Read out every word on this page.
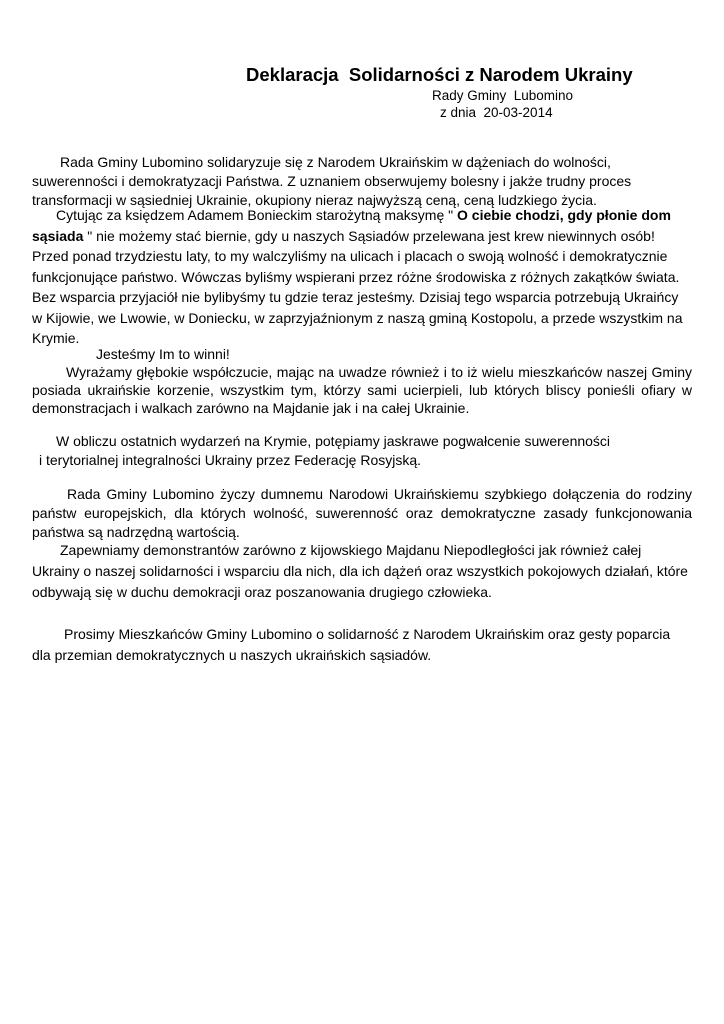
Deklaracja  Solidarności z Narodem Ukrainy
Rady Gminy  Lubomino
z dnia  20-03-2014

Rada Gminy Lubomino solidaryzuje się z Narodem Ukraińskim w dążeniach do wolności, suwerenności i demokratyzacji Państwa. Z uznaniem obserwujemy bolesny i jakże trudny proces transformacji w sąsiedniej Ukrainie, okupiony nieraz najwyższą ceną, ceną ludzkiego życia.

Cytując za księdzem Adamem Bonieckim starożytną maksymę " O ciebie chodzi, gdy płonie dom sąsiada " nie możemy stać biernie, gdy u naszych Sąsiadów przelewana jest krew niewinnych osób! Przed ponad trzydziestu laty, to my walczyliśmy na ulicach i placach o swoją wolność i demokratycznie funkcjonujące państwo. Wówczas byliśmy wspierani przez różne środowiska z różnych zakątków świata. Bez wsparcia przyjaciół nie bylibyśmy tu gdzie teraz jesteśmy. Dzisiaj tego wsparcia potrzebują Ukraińcy w Kijowie, we Lwowie, w Doniecku, w zaprzyjaźnionym z naszą gminą Kostopolu, a przede wszystkim na Krymie.

Jesteśmy Im to winni!

Wyrażamy głębokie współczucie, mając na uwadze również i to iż wielu mieszkańców naszej Gminy posiada ukraińskie korzenie, wszystkim tym, którzy sami ucierpieli, lub których bliscy ponieśli ofiary w demonstracjach i walkach zarówno na Majdanie jak i na całej Ukrainie.

W obliczu ostatnich wydarzeń na Krymie, potępiamy jaskrawe pogwałcenie suwerenności

i terytorialnej integralności Ukrainy przez Federację Rosyjską.

Rada Gminy Lubomino życzy dumnemu Narodowi Ukraińskiemu szybkiego dołączenia do rodziny państw europejskich, dla których wolność, suwerenność oraz demokratyczne zasady funkcjonowania państwa są nadrzędną wartością.

Zapewniamy demonstrantów zarówno z kijowskiego Majdanu Niepodległości jak również całej Ukrainy o naszej solidarności i wsparciu dla nich, dla ich dążeń oraz wszystkich pokojowych działań, które odbywają się w duchu demokracji oraz poszanowania drugiego człowieka.

Prosimy Mieszkańców Gminy Lubomino o solidarność z Narodem Ukraińskim oraz gesty poparcia dla przemian demokratycznych u naszych ukraińskich sąsiadów.
